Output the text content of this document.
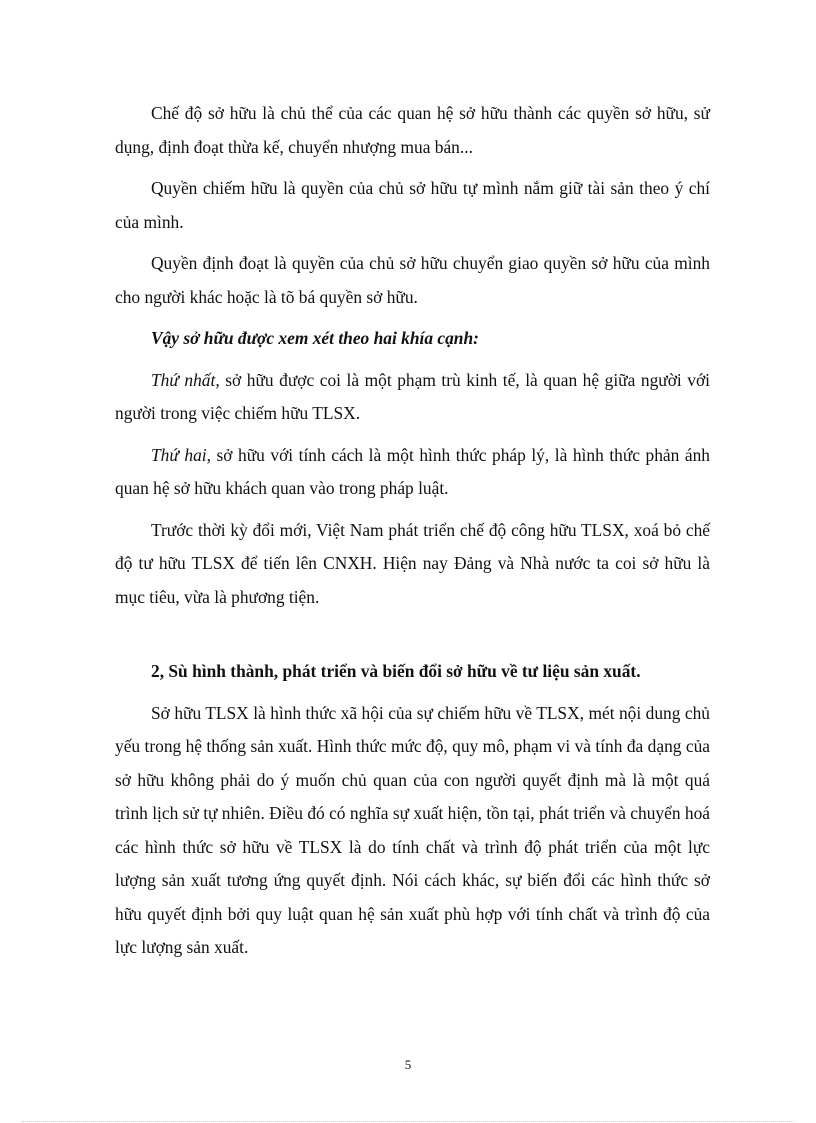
Chế độ sở hữu là chủ thể của các quan hệ sở hữu thành các quyền sở hữu, sử dụng, định đoạt thừa kế, chuyển nhượng mua bán...

Quyền chiếm hữu là quyền của chủ sở hữu tự mình nắm giữ tài sản theo ý chí của mình.

Quyền định đoạt là quyền của chủ sở hữu chuyển giao quyền sở hữu của mình cho người khác hoặc là tõ bá quyền sở hữu.

Vậy sở hữu được xem xét theo hai khía cạnh:

Thứ nhất, sở hữu được coi là một phạm trù kinh tế, là quan hệ giữa người với người trong việc chiếm hữu TLSX.

Thứ hai, sở hữu với tính cách là một hình thức pháp lý, là hình thức phản ánh quan hệ sở hữu khách quan vào trong pháp luật.

Trước thời kỳ đổi mới, Việt Nam phát triển chế độ công hữu TLSX, xoá bỏ chế độ tư hữu TLSX để tiến lên CNXH. Hiện nay Đảng và Nhà nước ta coi sở hữu là mục tiêu, vừa là phương tiện.

2, Sù hình thành, phát triển và biến đổi sở hữu về tư liệu sản xuất.

Sở hữu TLSX là hình thức xã hội của sự chiếm hữu về TLSX, mét nội dung chủ yếu trong hệ thống sản xuất. Hình thức mức độ, quy mô, phạm vi và tính đa dạng của sở hữu không phải do ý muốn chủ quan của con người quyết định mà là một quá trình lịch sử tự nhiên. Điều đó có nghĩa sự xuất hiện, tồn tại, phát triển và chuyển hoá các hình thức sở hữu về TLSX là do tính chất và trình độ phát triển của một lực lượng sản xuất tương ứng quyết định. Nói cách khác, sự biến đổi các hình thức sở hữu quyết định bởi quy luật quan hệ sản xuất phù hợp với tính chất và trình độ của lực lượng sản xuất.

5
